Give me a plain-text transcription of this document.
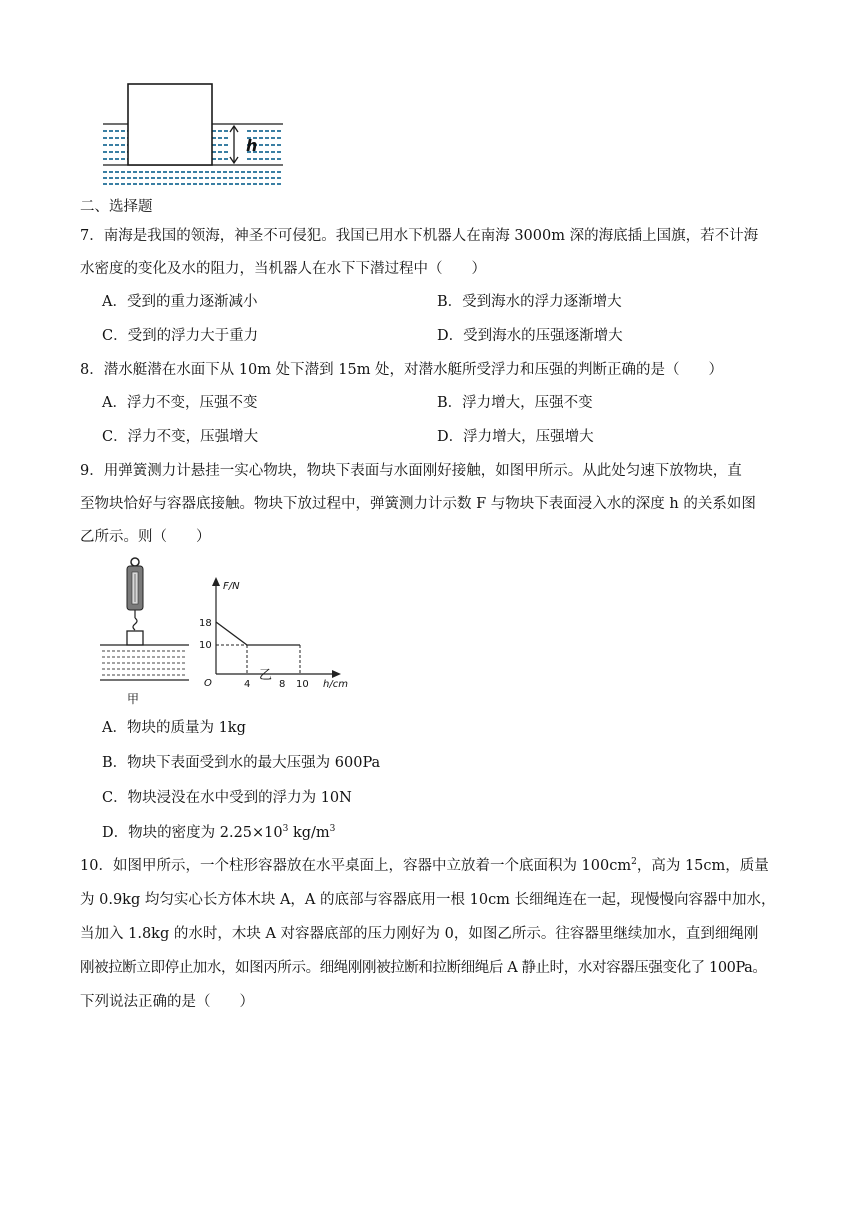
h
二、选择题
7．南海是我国的领海，神圣不可侵犯。我国已用水下机器人在南海 3000m 深的海底插上国旗，若不计海
水密度的变化及水的阻力，当机器人在水下下潜过程中（　　）
A．受到的重力逐渐减小	B．受到海水的浮力逐渐增大
C．受到的浮力大于重力	D．受到海水的压强逐渐增大
8．潜水艇潜在水面下从 10m 处下潜到 15m 处，对潜水艇所受浮力和压强的判断正确的是（　　）
A．浮力不变，压强不变	B．浮力增大，压强不变
C．浮力不变，压强增大	D．浮力增大，压强增大
9．用弹簧测力计悬挂一实心物块，物块下表面与水面刚好接触，如图甲所示。从此处匀速下放物块，直
至物块恰好与容器底接触。物块下放过程中，弹簧测力计示数 F 与物块下表面浸入水的深度 h 的关系如图
乙所示。则（　　）
甲
F/N
h/cm
O
18
10
4	8 10
乙
A．物块的质量为 1kg
B．物块下表面受到水的最大压强为 600Pa
C．物块浸没在水中受到的浮力为 10N
D．物块的密度为 $2.25\times 10^3$ $kg/m^3$
10．如图甲所示，一个柱形容器放在水平桌面上，容器中立放着一个底面积为 $100cm^2$，高为 15cm，质量
为 0.9kg 均匀实心长方体木块 A，A 的底部与容器底用一根 10cm 长细绳连在一起，现慢慢向容器中加水，
当加入 1.8kg 的水时，木块 A 对容器底部的压力刚好为 0，如图乙所示。往容器里继续加水，直到细绳刚
刚被拉断立即停止加水，如图丙所示。细绳刚刚被拉断和拉断细绳后 A 静止时，水对容器压强变化了 100Pa。
下列说法正确的是（　　）
